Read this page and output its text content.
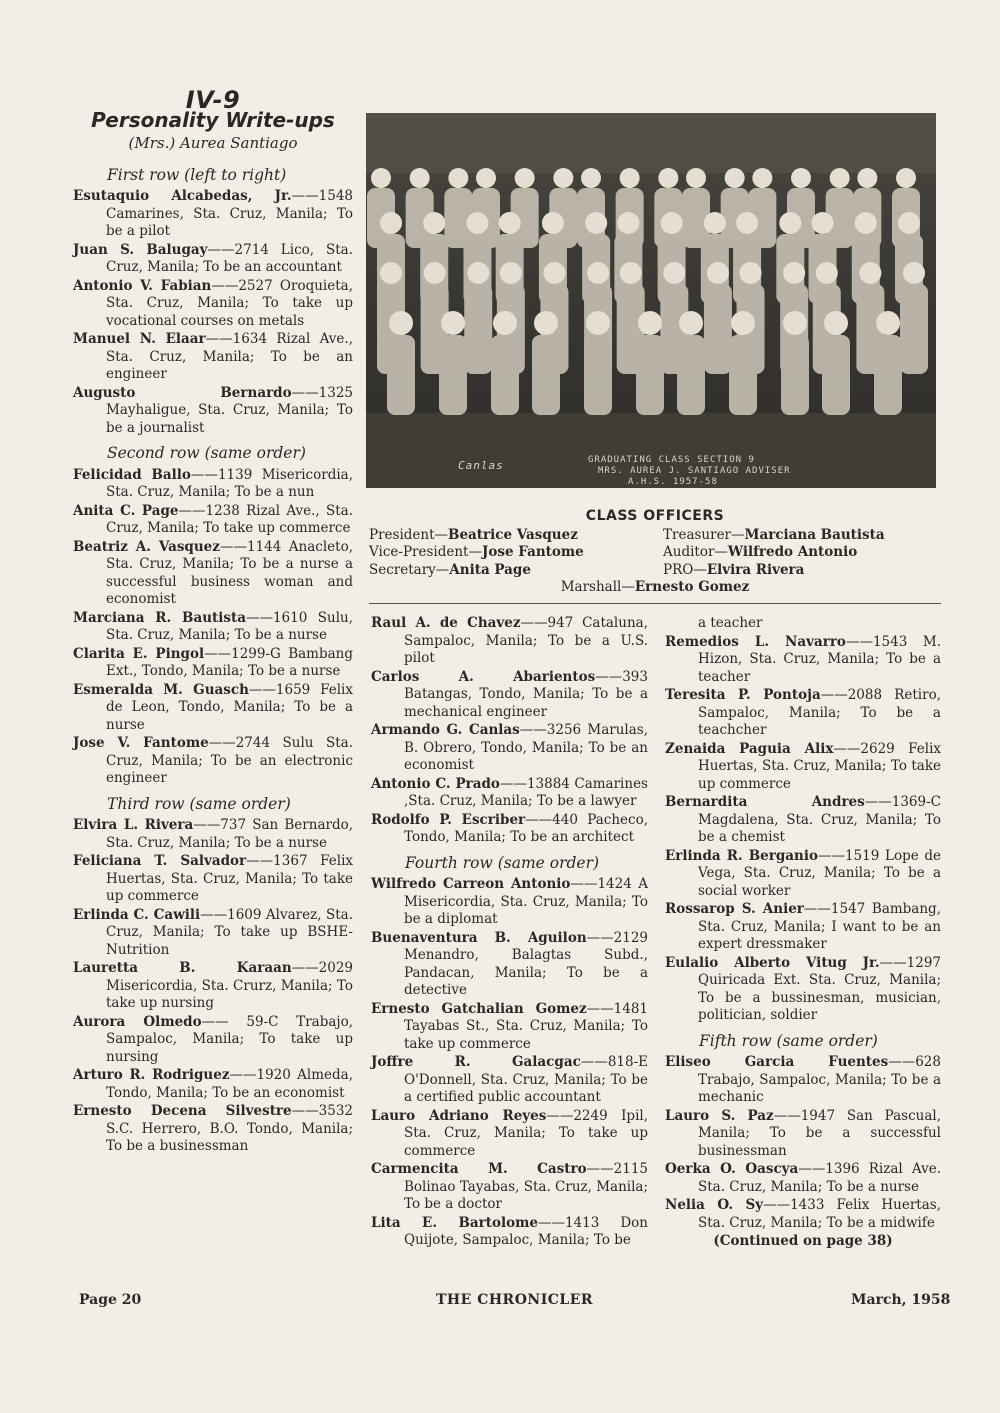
IV-9
Personality Write-ups
(Mrs.) Aurea Santiago
First row (left to right)
Esutaquio Alcabedas, Jr.——1548 Camarines, Sta. Cruz, Manila; To be a pilot
Juan S. Balugay——2714 Lico, Sta. Cruz, Manila; To be an accountant
Antonio V. Fabian——2527 Oroquieta, Sta. Cruz, Manila; To take up vocational courses on metals
Manuel N. Elaar——1634 Rizal Ave., Sta. Cruz, Manila; To be an engineer
Augusto Bernardo——1325 Mayhaligue, Sta. Cruz, Manila; To be a journalist
Second row (same order)
Felicidad Ballo——1139 Misericordia, Sta. Cruz, Manila; To be a nun
Anita C. Page——1238 Rizal Ave., Sta. Cruz, Manila; To take up commerce
Beatriz A. Vasquez——1144 Anacleto, Sta. Cruz, Manila; To be a nurse a successful business woman and economist
Marciana R. Bautista——1610 Sulu, Sta. Cruz, Manila; To be a nurse
Clarita E. Pingol——1299-G Bambang Ext., Tondo, Manila; To be a nurse
Esmeralda M. Guasch——1659 Felix de Leon, Tondo, Manila; To be a nurse
Jose V. Fantome——2744 Sulu Sta. Cruz, Manila; To be an electronic engineer
Third row (same order)
Elvira L. Rivera——737 San Bernardo, Sta. Cruz, Manila; To be a nurse
Feliciana T. Salvador——1367 Felix Huertas, Sta. Cruz, Manila; To take up commerce
Erlinda C. Cawili——1609 Alvarez, Sta. Cruz, Manila; To take up BSHE-Nutrition
Lauretta B. Karaan——2029 Misericordia, Sta. Crurz, Manila; To take up nursing
Aurora Olmedo—— 59-C Trabajo, Sampaloc, Manila; To take up nursing
Arturo R. Rodriguez——1920 Almeda, Tondo, Manila; To be an economist
Ernesto Decena Silvestre——3532 S.C. Herrero, B.O. Tondo, Manila; To be a businessman
Canlas	GRADUATING CLASS SECTION 9
MRS. AUREA J. SANTIAGO ADVISER
A.H.S. 1957-58
CLASS OFFICERS
President—Beatrice Vasquez	Treasurer—Marciana Bautista
Vice-President—Jose Fantome	Auditor—Wilfredo Antonio
Secretary—Anita Page	PRO—Elvira Rivera
Marshall—Ernesto Gomez
Raul A. de Chavez——947 Cataluna, Sampaloc, Manila; To be a U.S. pilot
Carlos A. Abarientos——393 Batangas, Tondo, Manila; To be a mechanical engineer
Armando G. Canlas——3256 Marulas, B. Obrero, Tondo, Manila; To be an economist
Antonio C. Prado——13884 Camarines ,Sta. Cruz, Manila; To be a lawyer
Rodolfo P. Escriber——440 Pacheco, Tondo, Manila; To be an architect
Fourth row (same order)
Wilfredo Carreon Antonio——1424 A Misericordia, Sta. Cruz, Manila; To be a diplomat
Buenaventura B. Aguilon——2129 Menandro, Balagtas Subd., Pandacan, Manila; To be a detective
Ernesto Gatchalian Gomez——1481 Tayabas St., Sta. Cruz, Manila; To take up commerce
Joffre R. Galacgac——818-E O'Donnell, Sta. Cruz, Manila; To be a certified public accountant
Lauro Adriano Reyes——2249 Ipil, Sta. Cruz, Manila; To take up commerce
Carmencita M. Castro——2115 Bolinao Tayabas, Sta. Cruz, Manila; To be a doctor
Lita E. Bartolome——1413 Don Quijote, Sampaloc, Manila; To be
a teacher
Remedios L. Navarro——1543 M. Hizon, Sta. Cruz, Manila; To be a teacher
Teresita P. Pontoja——2088 Retiro, Sampaloc, Manila; To be a teachcher
Zenaida Paguia Alix——2629 Felix Huertas, Sta. Cruz, Manila; To take up commerce
Bernardita Andres——1369-C Magdalena, Sta. Cruz, Manila; To be a chemist
Erlinda R. Berganio——1519 Lope de Vega, Sta. Cruz, Manila; To be a social worker
Rossarop S. Anier——1547 Bambang, Sta. Cruz, Manila; I want to be an expert dressmaker
Eulalio Alberto Vitug Jr.——1297 Quiricada Ext. Sta. Cruz, Manila; To be a bussinesman, musician, politician, soldier
Fifth row (same order)
Eliseo Garcia Fuentes——628 Trabajo, Sampaloc, Manila; To be a mechanic
Lauro S. Paz——1947 San Pascual, Manila; To be a successful businessman
Oerka O. Oascya——1396 Rizal Ave. Sta. Cruz, Manila; To be a nurse
Nelia O. Sy——1433 Felix Huertas, Sta. Cruz, Manila; To be a midwife
(Continued on page 38)
Page 20	THE CHRONICLER	March, 1958
